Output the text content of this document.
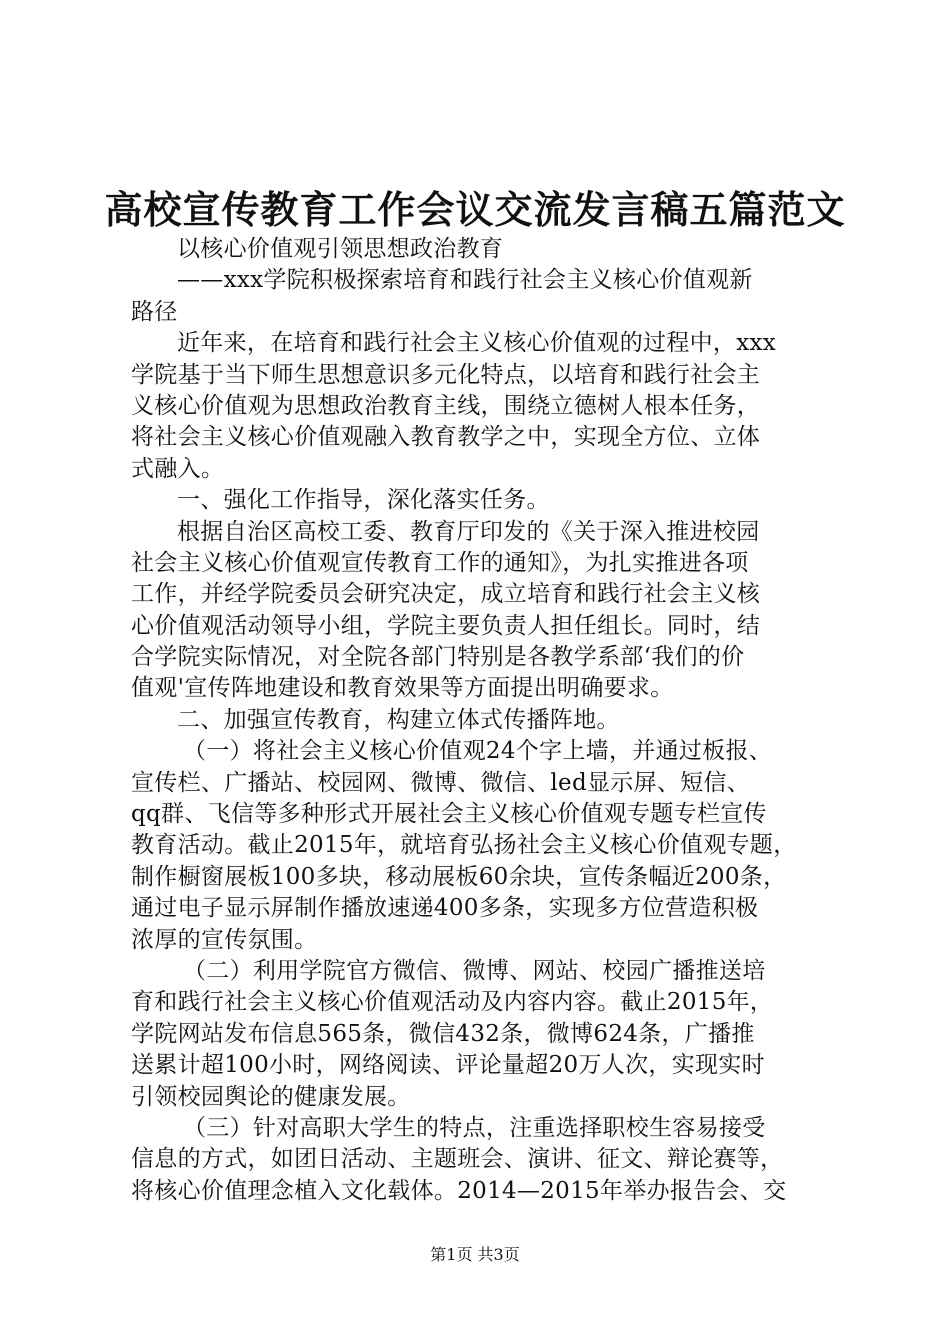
高校宣传教育工作会议交流发言稿五篇范文
以核心价值观引领思想政治教育
——xxx学院积极探索培育和践行社会主义核心价值观新
路径
近年来，在培育和践行社会主义核心价值观的过程中，xxx
学院基于当下师生思想意识多元化特点，以培育和践行社会主
义核心价值观为思想政治教育主线，围绕立德树人根本任务，
将社会主义核心价值观融入教育教学之中，实现全方位、立体
式融入。
一、强化工作指导，深化落实任务。
根据自治区高校工委、教育厅印发的《关于深入推进校园
社会主义核心价值观宣传教育工作的通知》，为扎实推进各项
工作，并经学院委员会研究决定，成立培育和践行社会主义核
心价值观活动领导小组，学院主要负责人担任组长。同时，结
合学院实际情况，对全院各部门特别是各教学系部‘我们的价
值观'宣传阵地建设和教育效果等方面提出明确要求。
二、加强宣传教育，构建立体式传播阵地。
（一）将社会主义核心价值观24个字上墙，并通过板报、
宣传栏、广播站、校园网、微博、微信、led显示屏、短信、
qq群、飞信等多种形式开展社会主义核心价值观专题专栏宣传
教育活动。截止2015年，就培育弘扬社会主义核心价值观专题，
制作橱窗展板100多块，移动展板60余块，宣传条幅近200条，
通过电子显示屏制作播放速递400多条，实现多方位营造积极
浓厚的宣传氛围。
（二）利用学院官方微信、微博、网站、校园广播推送培
育和践行社会主义核心价值观活动及内容内容。截止2015年，
学院网站发布信息565条，微信432条，微博624条，广播推
送累计超100小时，网络阅读、评论量超20万人次，实现实时
引领校园舆论的健康发展。
（三）针对高职大学生的特点，注重选择职校生容易接受
信息的方式，如团日活动、主题班会、演讲、征文、辩论赛等，
将核心价值理念植入文化载体。2014—2015年举办报告会、交
第1页 共3页
